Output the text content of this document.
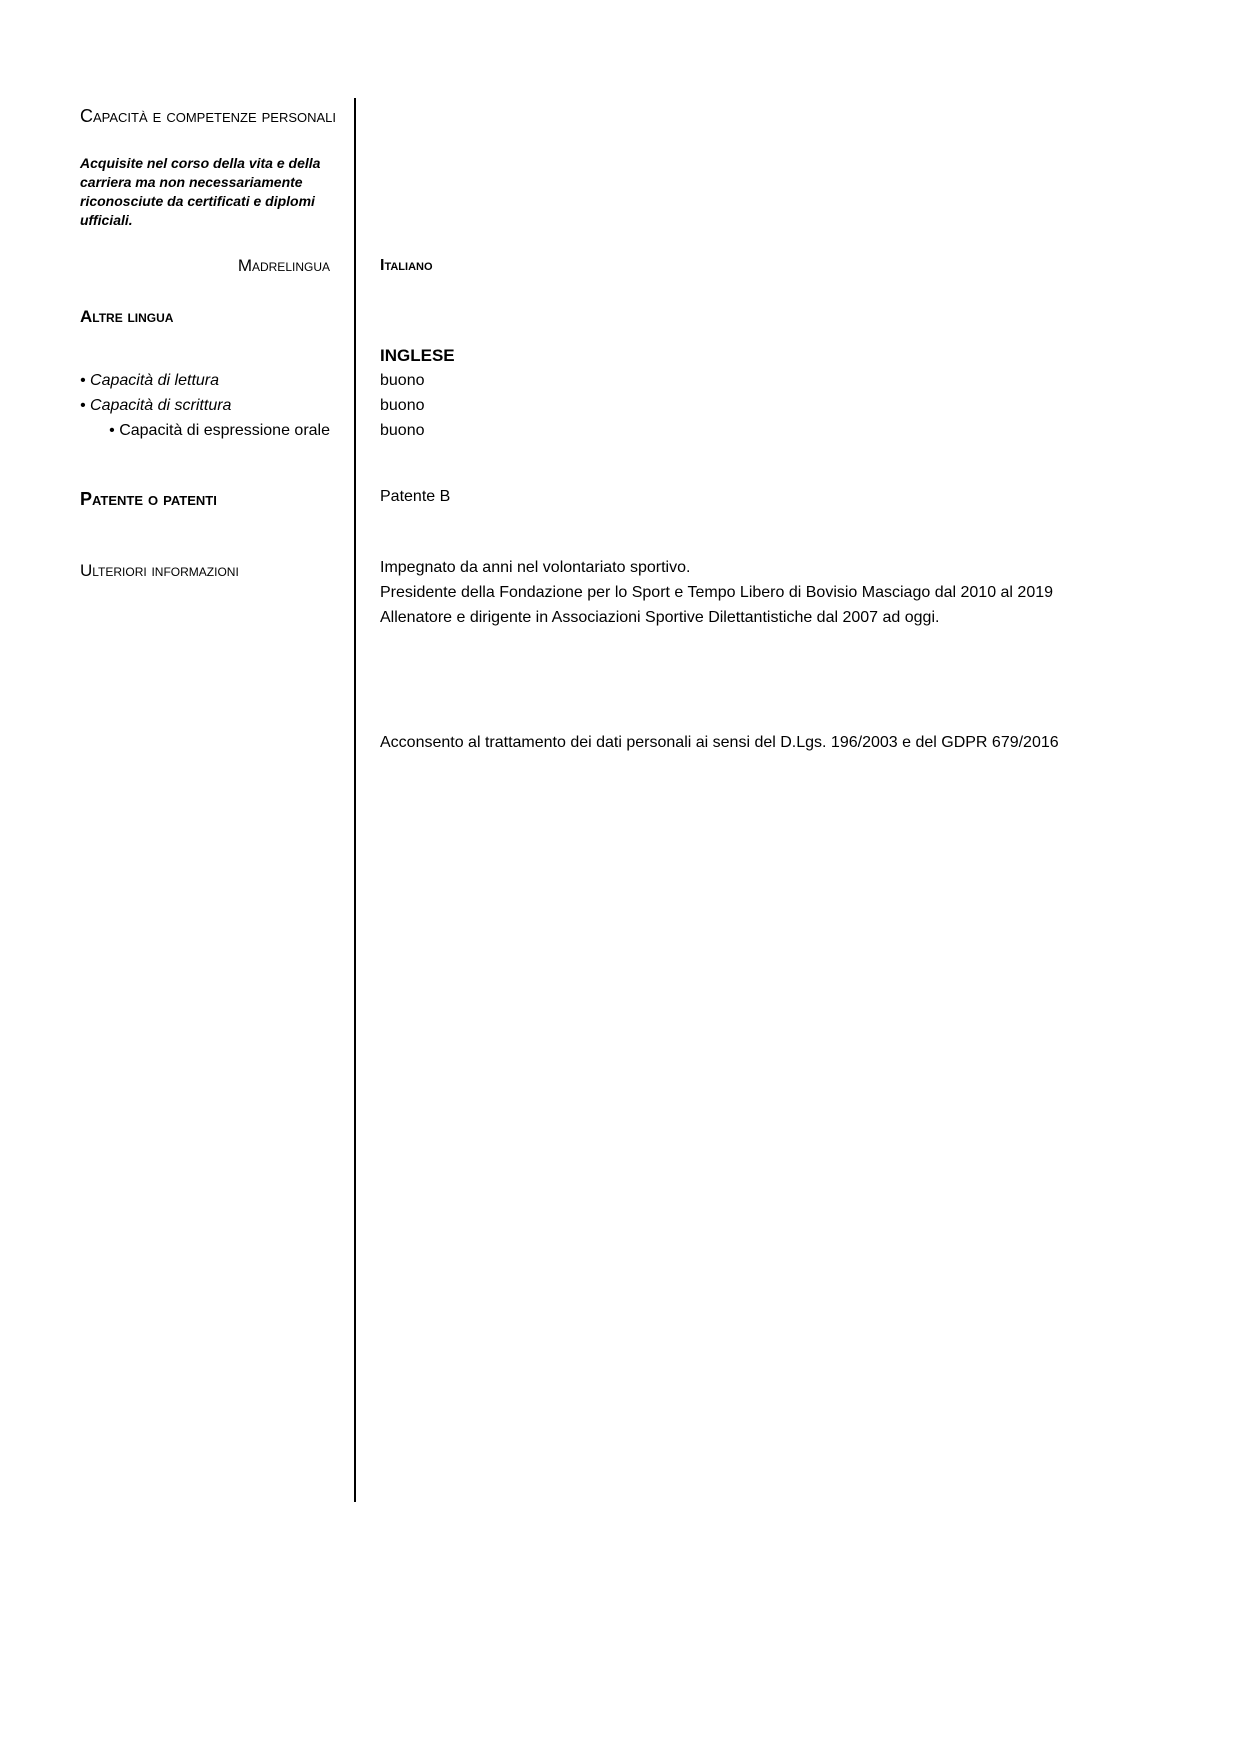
Capacità e competenze personali
Acquisite nel corso della vita e della carriera ma non necessariamente riconosciute da certificati e diplomi ufficiali.
Madrelingua	Italiano
Altre lingua
INGLESE
• Capacità di lettura	buono
• Capacità di scrittura	buono
• Capacità di espressione orale	buono
Patente o patenti	Patente B
Ulteriori informazioni	Impegnato da anni nel volontariato sportivo.
Presidente della Fondazione per lo Sport e Tempo Libero di Bovisio Masciago dal 2010 al 2019
Allenatore e dirigente in Associazioni Sportive Dilettantistiche dal 2007 ad oggi.
Acconsento al trattamento dei dati personali ai sensi del D.Lgs. 196/2003 e del GDPR 679/2016
